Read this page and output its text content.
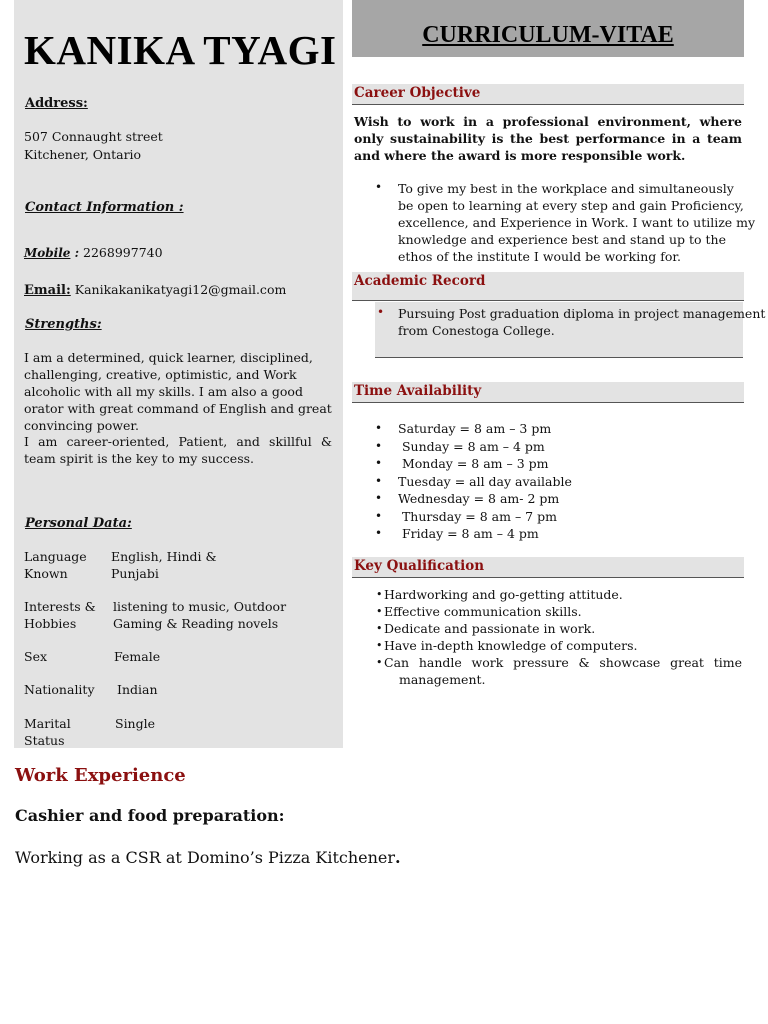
KANIKA TYAGI
Address:
507 Connaught street
Kitchener, Ontario
Contact Information :
Mobile : 2268997740
Email: Kanikakanikatyagi12@gmail.com
Strengths:
I am a determined, quick learner, disciplined, challenging, creative, optimistic, and Work alcoholic with all my skills. I am also a good orator with great command of English and great convincing power.
I am career-oriented, Patient, and skillful & team spirit is the key to my success.
Personal Data:
Language
Known
English, Hindi &
Punjabi
Interests &
Hobbies
listening to music, Outdoor
Gaming & Reading novels
Sex	Female
Nationality Indian
Marital
Status
Single
CURRICULUM-VITAE
Career Objective
Wish to work in a professional environment, where only sustainability is the best performance in a team and where the award is more responsible work.
• To give my best in the workplace and simultaneously
be open to learning at every step and gain Proficiency,
excellence, and Experience in Work. I want to utilize my
knowledge and experience best and stand up to the
ethos of the institute I would be working for.
Academic Record
• Pursuing Post graduation diploma in project management
from Conestoga College.
Time Availability
• Saturday = 8 am – 3 pm
• Sunday = 8 am – 4 pm
• Monday = 8 am – 3 pm
• Tuesday = all day available
• Wednesday = 8 am- 2 pm
• Thursday = 8 am – 7 pm
• Friday = 8 am – 4 pm
Key Qualification
• Hardworking and go-getting attitude.
• Effective communication skills.
• Dedicate and passionate in work.
• Have in-depth knowledge of computers.
• Can handle work pressure & showcase great time
management.
Work Experience
Cashier and food preparation:
Working as a CSR at Domino’s Pizza Kitchener.
